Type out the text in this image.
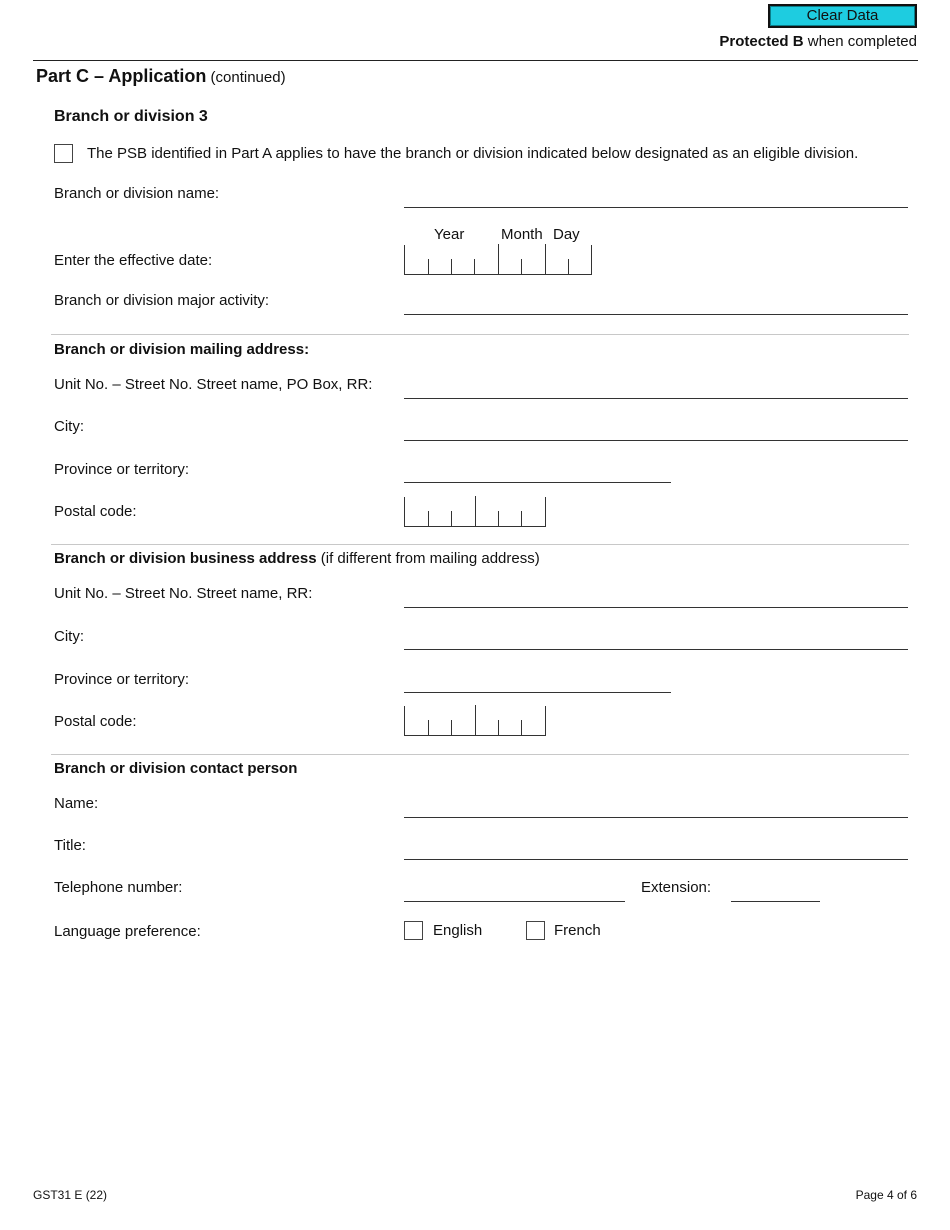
Clear Data
Protected B when completed
Part C – Application (continued)
Branch or division 3
The PSB identified in Part A applies to have the branch or division indicated below designated as an eligible division.
Branch or division name:
Year Month Day
Enter the effective date:
Branch or division major activity:
Branch or division mailing address:
Unit No. – Street No. Street name, PO Box, RR:
City:
Province or territory:
Postal code:
Branch or division business address (if different from mailing address)
Unit No. – Street No. Street name, RR:
City:
Province or territory:
Postal code:
Branch or division contact person
Name:
Title:
Telephone number:	Extension:
Language preference:	English	French
GST31 E (22)	Page 4 of 6
